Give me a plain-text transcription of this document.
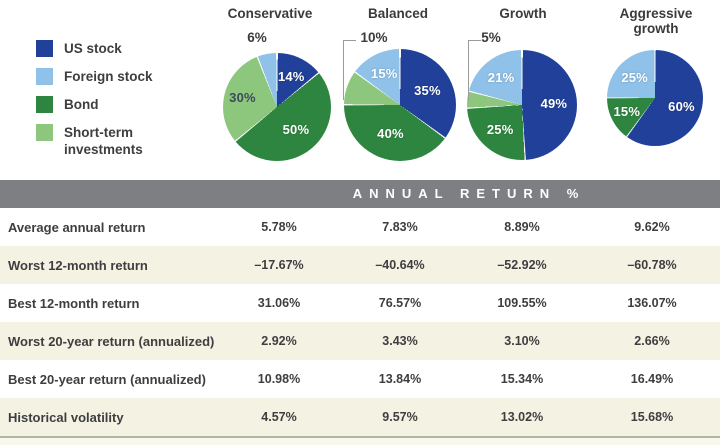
US stock
Foreign stock
Bond
Short-term investments
Conservative
14%
50%
30%
6%
Balanced
35%
40%
10%
15%
Growth
49%
25%
5%
21%
Aggressive growth
60%
15%
25%
ANNUAL RETURN %
Average annual return	5.78%	7.83%	8.89%	9.62%
Worst 12-month return	–17.67%	–40.64%	–52.92%	–60.78%
Best 12-month return	31.06%	76.57%	109.55%	136.07%
Worst 20-year return (annualized)	2.92%	3.43%	3.10%	2.66%
Best 20-year return (annualized)	10.98%	13.84%	15.34%	16.49%
Historical volatility	4.57%	9.57%	13.02%	15.68%
